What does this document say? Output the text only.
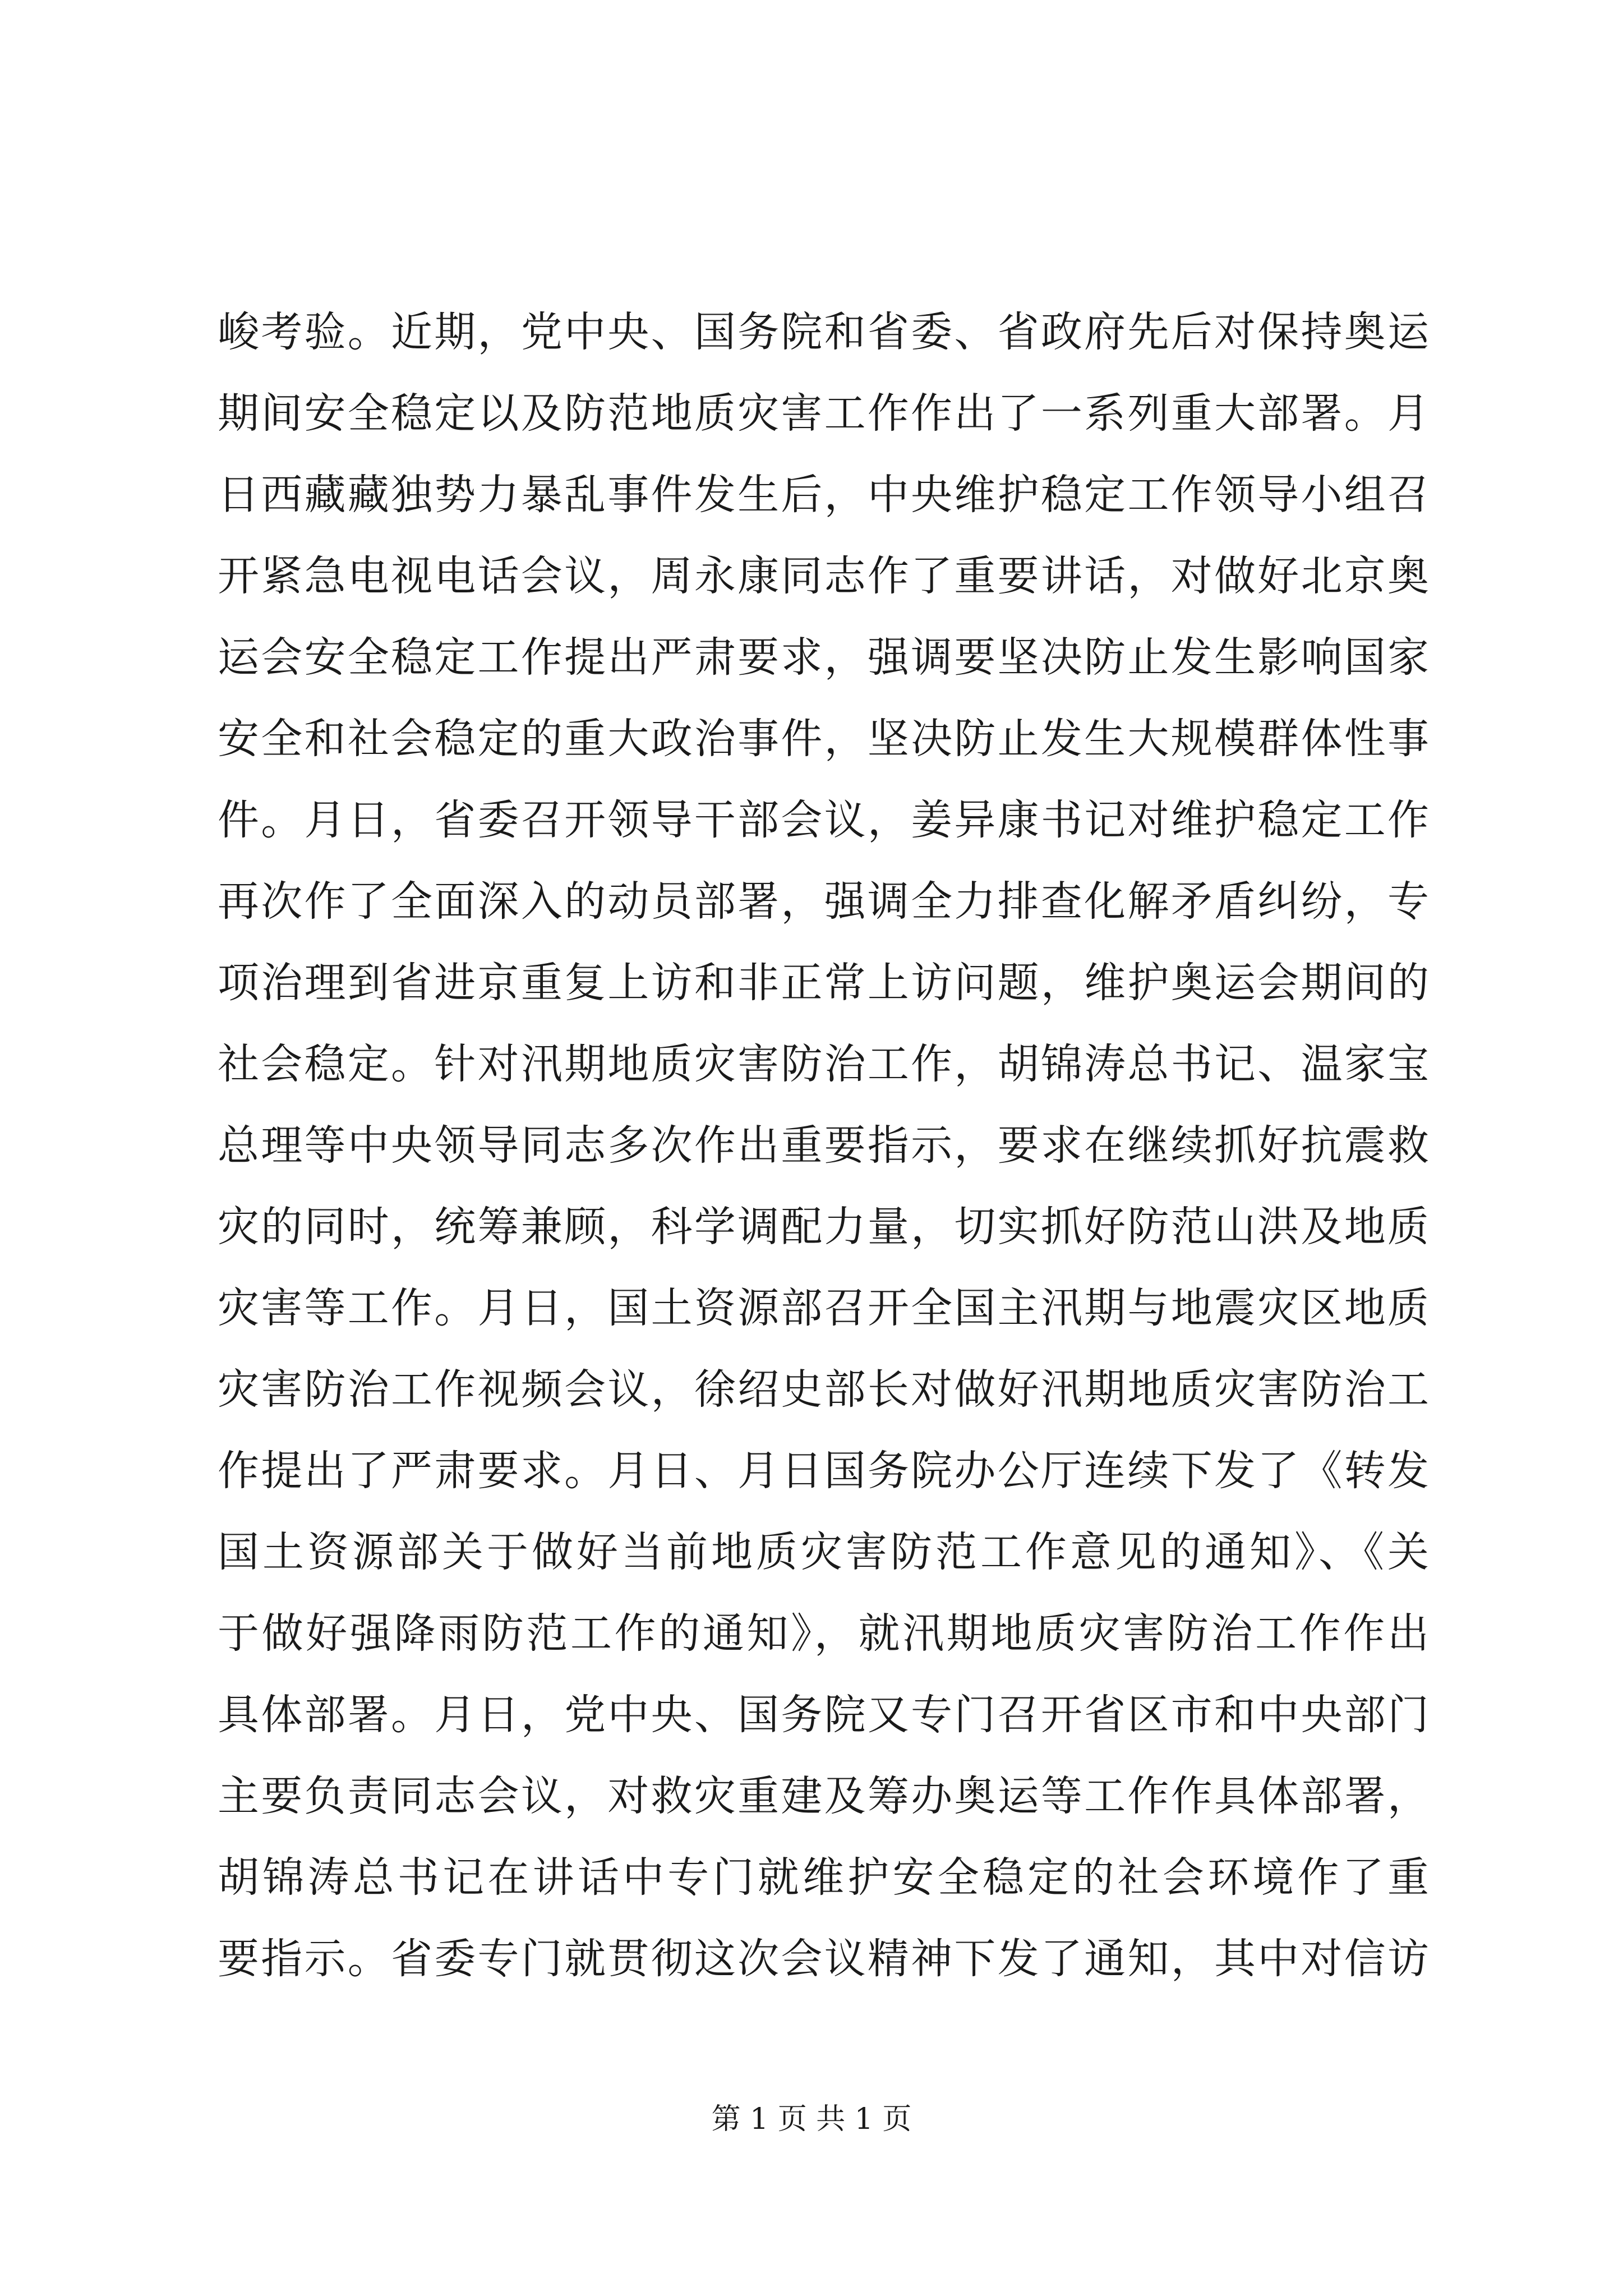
峻考验。近期，党中央、国务院和省委、省政府先后对保持奥运
期间安全稳定以及防范地质灾害工作作出了一系列重大部署。月
日西藏藏独势力暴乱事件发生后，中央维护稳定工作领导小组召
开紧急电视电话会议，周永康同志作了重要讲话，对做好北京奥
运会安全稳定工作提出严肃要求，强调要坚决防止发生影响国家
安全和社会稳定的重大政治事件，坚决防止发生大规模群体性事
件。月日，省委召开领导干部会议，姜异康书记对维护稳定工作
再次作了全面深入的动员部署，强调全力排查化解矛盾纠纷，专
项治理到省进京重复上访和非正常上访问题，维护奥运会期间的
社会稳定。针对汛期地质灾害防治工作，胡锦涛总书记、温家宝
总理等中央领导同志多次作出重要指示，要求在继续抓好抗震救
灾的同时，统筹兼顾，科学调配力量，切实抓好防范山洪及地质
灾害等工作。月日，国土资源部召开全国主汛期与地震灾区地质
灾害防治工作视频会议，徐绍史部长对做好汛期地质灾害防治工
作提出了严肃要求。月日、月日国务院办公厅连续下发了《转发
国土资源部关于做好当前地质灾害防范工作意见的通知》、《关
于做好强降雨防范工作的通知》，就汛期地质灾害防治工作作出
具体部署。月日，党中央、国务院又专门召开省区市和中央部门
主要负责同志会议，对救灾重建及筹办奥运等工作作具体部署，
胡锦涛总书记在讲话中专门就维护安全稳定的社会环境作了重
要指示。省委专门就贯彻这次会议精神下发了通知，其中对信访
第 1 页 共 1 页
